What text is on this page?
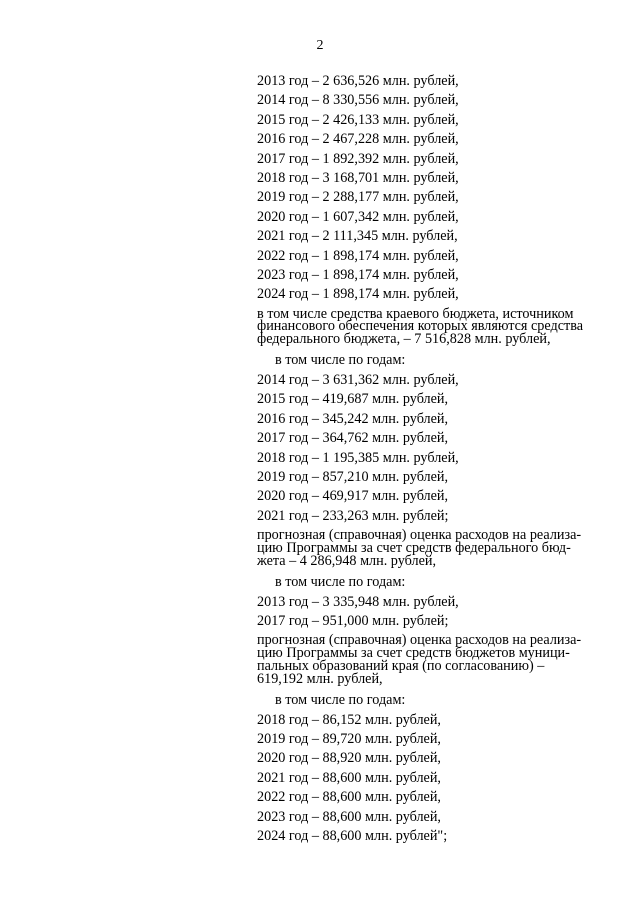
2
2013 год – 2 636,526 млн. рублей,
2014 год – 8 330,556 млн. рублей,
2015 год – 2 426,133 млн. рублей,
2016 год – 2 467,228 млн. рублей,
2017 год – 1 892,392 млн. рублей,
2018 год – 3 168,701 млн. рублей,
2019 год – 2 288,177 млн. рублей,
2020 год – 1 607,342 млн. рублей,
2021 год – 2 111,345 млн. рублей,
2022 год – 1 898,174 млн. рублей,
2023 год – 1 898,174 млн. рублей,
2024 год – 1 898,174 млн. рублей,
в том числе средства краевого бюджета, источником
финансового обеспечения которых являются средства
федерального бюджета, – 7 516,828 млн. рублей,
в том числе по годам:
2014 год – 3 631,362 млн. рублей,
2015 год – 419,687 млн. рублей,
2016 год – 345,242 млн. рублей,
2017 год – 364,762 млн. рублей,
2018 год – 1 195,385 млн. рублей,
2019 год – 857,210 млн. рублей,
2020 год – 469,917 млн. рублей,
2021 год – 233,263 млн. рублей;
прогнозная (справочная) оценка расходов на реализа-
цию Программы за счет средств федерального бюд-
жета – 4 286,948 млн. рублей,
в том числе по годам:
2013 год – 3 335,948 млн. рублей,
2017 год – 951,000 млн. рублей;
прогнозная (справочная) оценка расходов на реализа-
цию Программы за счет средств бюджетов муници-
пальных образований края (по согласованию) –
619,192 млн. рублей,
в том числе по годам:
2018 год – 86,152 млн. рублей,
2019 год – 89,720 млн. рублей,
2020 год – 88,920 млн. рублей,
2021 год – 88,600 млн. рублей,
2022 год – 88,600 млн. рублей,
2023 год – 88,600 млн. рублей,
2024 год – 88,600 млн. рублей";
